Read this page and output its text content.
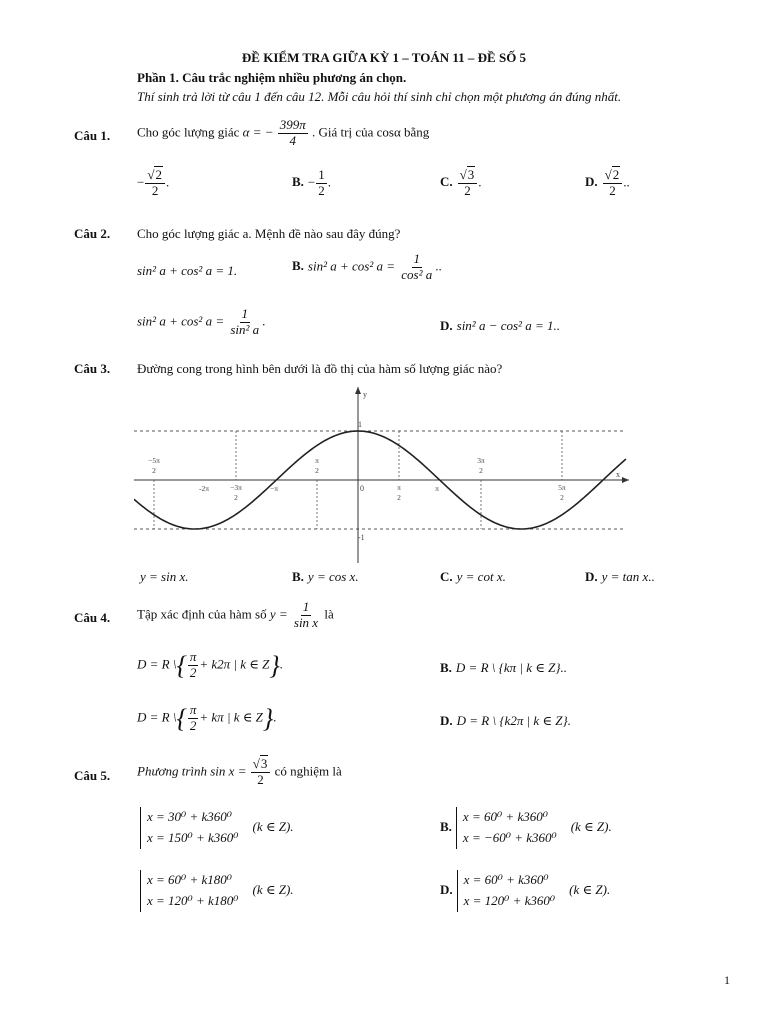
ĐỀ KIỂM TRA GIỮA KỲ 1 – TOÁN 11 – ĐỀ SỐ 5
Phần 1. Câu trắc nghiệm nhiều phương án chọn.
Thí sinh trả lời từ câu 1 đến câu 12. Mỗi câu hỏi thí sinh chỉ chọn một phương án đúng nhất.
Câu 1. Cho góc lượng giác α = − $\frac{399\pi}{4}$ . Giá trị của cosα bằng
− $\frac{√2}{2}$ .	B. − $\frac{1}{2}$ .	C. $\frac{√3}{2}$ .	D. $\frac{√2}{2}$ ..
Câu 2. Cho góc lượng giác a. Mệnh đề nào sau đây đúng?
sin² a + cos² a = 1.	B. sin² a + cos² $a = \frac{1}{\text{cos² a}}$ ..
sin² a + cos² $a = \frac{1}{\text{sin² a}}$ .	D. sin² a − cos² a = 1..
Câu 3. Đường cong trong hình bên dưới là đồ thị của hàm số lượng giác nào?
x
y
0
1
-1
−5π
2
-2π	−3π
2
−π
π
2
π
2
π
3π
2
5π
2
y = sin x.	B. y = cos x.	C. y = cot x.	D. y = tan x..
Câu 4. Tập xác định của hàm số $y = \frac{1}{\text{sin x}}$ là
D = R \{ $\frac{\pi}{2} + k2\pi$ | k ∈ Z}.	B. D = R \ {kπ | k ∈ Z}..
D = R \{ $\frac{\pi}{2} + k\pi$ | k ∈ Z}.	D. D = R \ {k2π | k ∈ Z}.
Câu 5. Phương trình $\sin x = \frac{√3}{2}$ có nghiệm là
x = 30⁰ + k360⁰
x = 150⁰ + k360⁰
(k ∈ Z).	B.
x = 60⁰ + k360⁰
x = −60⁰ + k360⁰
(k ∈ Z).
x = 60⁰ + k180⁰
x = 120⁰ + k180⁰
(k ∈ Z).	D.
x = 60⁰ + k360⁰
x = 120⁰ + k360⁰
(k ∈ Z).
1
